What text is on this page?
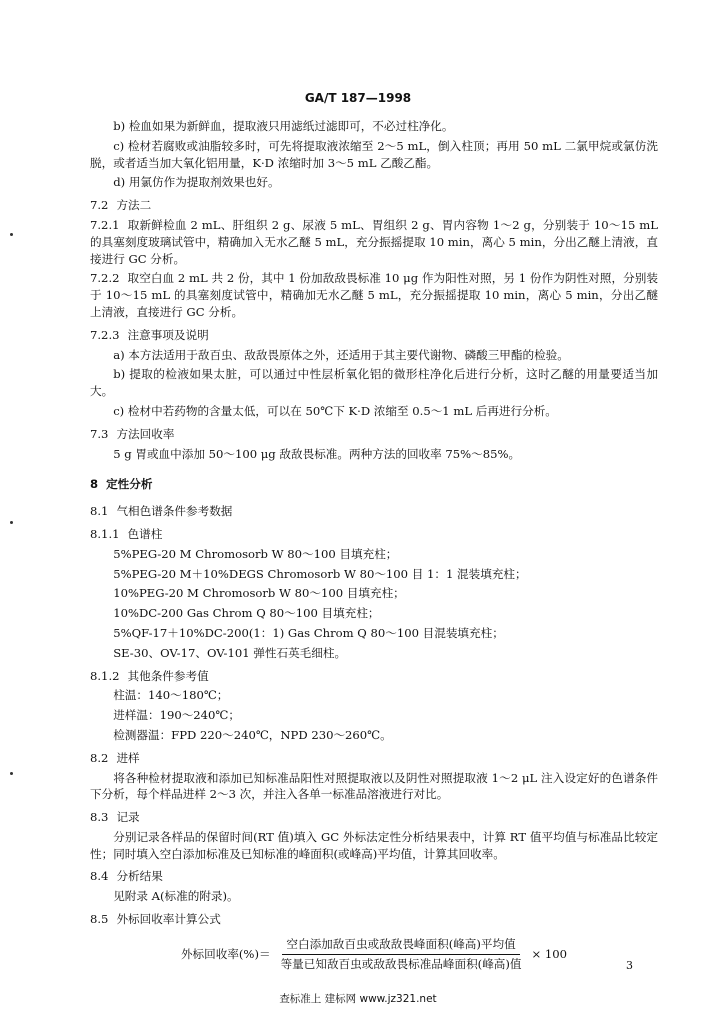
GA/T 187—1998

b) 检血如果为新鲜血，提取液只用滤纸过滤即可，不必过柱净化。

c) 检材若腐败或油脂较多时，可先将提取液浓缩至 2～5 mL，倒入柱顶；再用 50 mL 二氯甲烷或氯仿洗脱，或者适当加大氧化铝用量，K·D 浓缩时加 3～5 mL 乙酸乙酯。

d) 用氯仿作为提取剂效果也好。

7.2 方法二

7.2.1 取新鲜检血 2 mL、肝组织 2 g、尿液 5 mL、胃组织 2 g、胃内容物 1～2 g，分别装于 10～15 mL 的具塞刻度玻璃试管中，精确加入无水乙醚 5 mL，充分振摇提取 10 min，离心 5 min，分出乙醚上清液，直接进行 GC 分析。

7.2.2 取空白血 2 mL 共 2 份，其中 1 份加敌敌畏标准 10 μg 作为阳性对照，另 1 份作为阴性对照，分别装于 10～15 mL 的具塞刻度试管中，精确加无水乙醚 5 mL，充分振摇提取 10 min，离心 5 min，分出乙醚上清液，直接进行 GC 分析。

7.2.3 注意事项及说明

a) 本方法适用于敌百虫、敌敌畏原体之外，还适用于其主要代谢物、磷酸三甲酯的检验。

b) 提取的检液如果太脏，可以通过中性层析氧化铝的微形柱净化后进行分析，这时乙醚的用量要适当加大。

c) 检材中若药物的含量太低，可以在 50℃下 K·D 浓缩至 0.5～1 mL 后再进行分析。

7.3 方法回收率

5 g 胃或血中添加 50～100 μg 敌敌畏标准。两种方法的回收率 75%～85%。

8 定性分析

8.1 气相色谱条件参考数据

8.1.1 色谱柱

5%PEG-20 M Chromosorb W 80～100 目填充柱；

5%PEG-20 M＋10%DEGS Chromosorb W 80～100 目 1：1 混装填充柱；

10%PEG-20 M Chromosorb W 80～100 目填充柱；

10%DC-200 Gas Chrom Q 80～100 目填充柱；

5%QF-17＋10%DC-200(1：1) Gas Chrom Q 80～100 目混装填充柱；

SE-30、OV-17、OV-101 弹性石英毛细柱。

8.1.2 其他条件参考值

柱温：140～180℃；

进样温：190～240℃；

检测器温：FPD 220～240℃，NPD 230～260℃。

8.2 进样

将各种检材提取液和添加已知标准品阳性对照提取液以及阴性对照提取液 1～2 μL 注入设定好的色谱条件下分析，每个样品进样 2～3 次，并注入各单一标准品溶液进行对比。

8.3 记录

分别记录各样品的保留时间(RT 值)填入 GC 外标法定性分析结果表中，计算 RT 值平均值与标准品比较定性；同时填入空白添加标准及已知标准的峰面积(或峰高)平均值，计算其回收率。

8.4 分析结果

见附录 A(标准的附录)。

8.5 外标回收率计算公式

外标回收率(%)＝ $\frac{\text{空白添加敌百虫或敌敌畏峰面积(峰高)平均值}}{\text{等量已知敌百虫或敌敌畏标准品峰面积(峰高)值}} \times 100$
3
查标准上 建标网 www.jz321.net
